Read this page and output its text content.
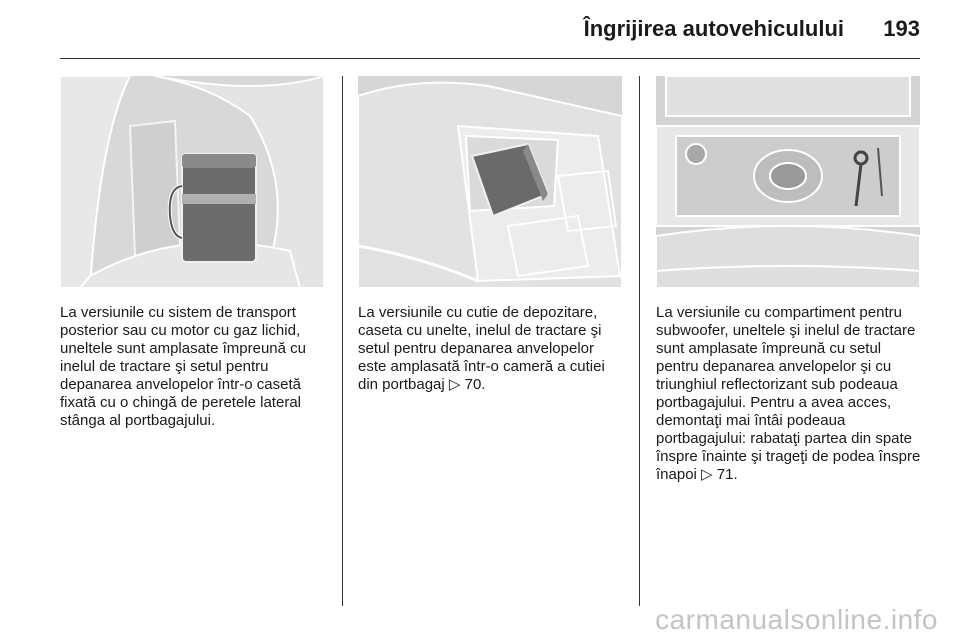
Îngrijirea autovehiculului 193

La versiunile cu sistem de transport posterior sau cu motor cu gaz lichid, uneltele sunt amplasate împreună cu inelul de tractare şi setul pentru depanarea anvelopelor într-o casetă fixată cu o chingă de peretele lateral stânga al portbagajului.

La versiunile cu cutie de depozitare, caseta cu unelte, inelul de tractare şi setul pentru depanarea anvelopelor este amplasată într-o cameră a cutiei din portbagaj ▷ 70.

La versiunile cu compartiment pentru subwoofer, uneltele şi inelul de tractare sunt amplasate împreună cu setul pentru depanarea anvelopelor şi cu triunghiul reflectorizant sub podeaua portbagajului. Pentru a avea acces, demontaţi mai întâi podeaua portbagajului: rabataţi partea din spate înspre înainte şi trageţi de podea înspre înapoi ▷ 71.

carmanualsonline.info
